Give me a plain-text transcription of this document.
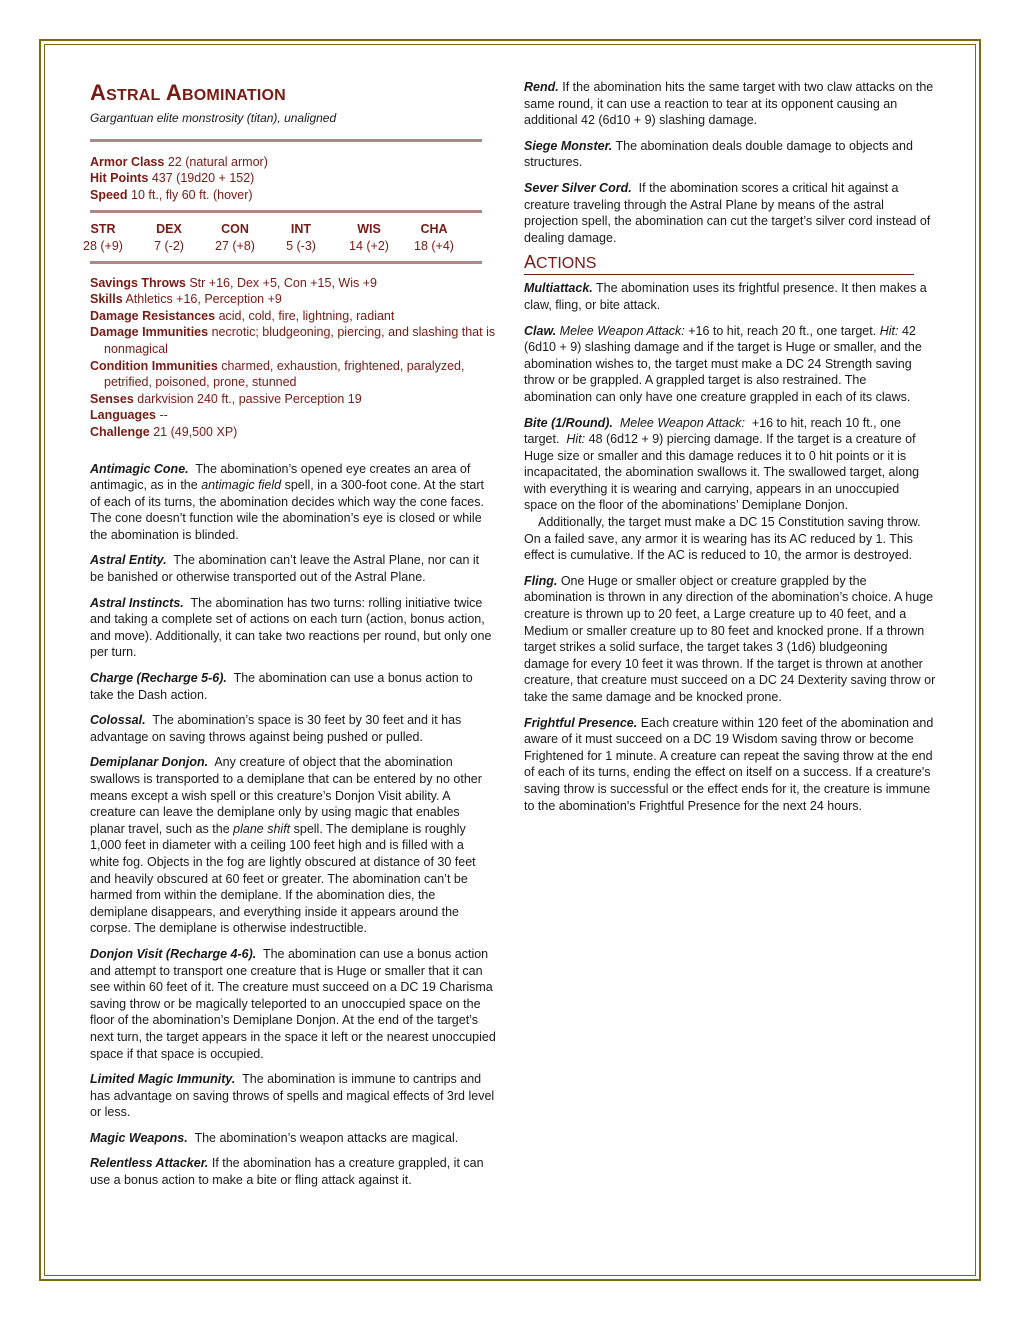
ASTRAL ABOMINATION
Gargantuan elite monstrosity (titan), unaligned
Armor Class 22 (natural armor)
Hit Points 437 (19d20 + 152)
Speed 10 ft., fly 60 ft. (hover)
STR	DEX	CON	INT	WIS	CHA
28 (+9)	7 (-2)	27 (+8)	5 (-3)	14 (+2)	18 (+4)
Savings Throws Str +16, Dex +5, Con +15, Wis +9
Skills Athletics +16, Perception +9
Damage Resistances acid, cold, fire, lightning, radiant
Damage Immunities necrotic; bludgeoning, piercing, and slashing that is nonmagical
Condition Immunities charmed, exhaustion, frightened, paralyzed, petrified, poisoned, prone, stunned
Senses darkvision 240 ft., passive Perception 19
Languages --
Challenge 21 (49,500 XP)

Antimagic Cone. The abomination’s opened eye creates an area of antimagic, as in the antimagic field spell, in a 300-foot cone. At the start of each of its turns, the abomination decides which way the cone faces. The cone doesn’t function wile the abomination’s eye is closed or while the abomination is blinded.

Astral Entity. The abomination can’t leave the Astral Plane, nor can it be banished or otherwise transported out of the Astral Plane.

Astral Instincts. The abomination has two turns: rolling initiative twice and taking a complete set of actions on each turn (action, bonus action, and move). Additionally, it can take two reactions per round, but only one per turn.

Charge (Recharge 5-6). The abomination can use a bonus action to take the Dash action.

Colossal. The abomination’s space is 30 feet by 30 feet and it has advantage on saving throws against being pushed or pulled.

Demiplanar Donjon. Any creature of object that the abomination swallows is transported to a demiplane that can be entered by no other means except a wish spell or this creature’s Donjon Visit ability. A creature can leave the demiplane only by using magic that enables planar travel, such as the plane shift spell. The demiplane is roughly 1,000 feet in diameter with a ceiling 100 feet high and is filled with a white fog. Objects in the fog are lightly obscured at distance of 30 feet and heavily obscured at 60 feet or greater. The abomination can’t be harmed from within the demiplane. If the abomination dies, the demiplane disappears, and everything inside it appears around the corpse. The demiplane is otherwise indestructible.

Donjon Visit (Recharge 4-6). The abomination can use a bonus action and attempt to transport one creature that is Huge or smaller that it can see within 60 feet of it. The creature must succeed on a DC 19 Charisma saving throw or be magically teleported to an unoccupied space on the floor of the abomination’s Demiplane Donjon. At the end of the target’s next turn, the target appears in the space it left or the nearest unoccupied space if that space is occupied.

Limited Magic Immunity. The abomination is immune to cantrips and has advantage on saving throws of spells and magical effects of 3rd level or less.

Magic Weapons. The abomination’s weapon attacks are magical.

Relentless Attacker. If the abomination has a creature grappled, it can use a bonus action to make a bite or fling attack against it.

Rend. If the abomination hits the same target with two claw attacks on the same round, it can use a reaction to tear at its opponent causing an additional 42 (6d10 + 9) slashing damage.

Siege Monster. The abomination deals double damage to objects and structures.

Sever Silver Cord. If the abomination scores a critical hit against a creature traveling through the Astral Plane by means of the astral projection spell, the abomination can cut the target’s silver cord instead of dealing damage.

ACTIONS

Multiattack. The abomination uses its frightful presence. It then makes a claw, fling, or bite attack.

Claw. Melee Weapon Attack: +16 to hit, reach 20 ft., one target. Hit: 42 (6d10 + 9) slashing damage and if the target is Huge or smaller, and the abomination wishes to, the target must make a DC 24 Strength saving throw or be grappled. A grappled target is also restrained. The abomination can only have one creature grappled in each of its claws.

Bite (1/Round). Melee Weapon Attack: +16 to hit, reach 10 ft., one target. Hit: 48 (6d12 + 9) piercing damage. If the target is a creature of Huge size or smaller and this damage reduces it to 0 hit points or it is incapacitated, the abomination swallows it. The swallowed target, along with everything it is wearing and carrying, appears in an unoccupied space on the floor of the abominations’ Demiplane Donjon.

Additionally, the target must make a DC 15 Constitution saving throw. On a failed save, any armor it is wearing has its AC reduced by 1. This effect is cumulative. If the AC is reduced to 10, the armor is destroyed.

Fling. One Huge or smaller object or creature grappled by the abomination is thrown in any direction of the abomination’s choice. A huge creature is thrown up to 20 feet, a Large creature up to 40 feet, and a Medium or smaller creature up to 80 feet and knocked prone. If a thrown target strikes a solid surface, the target takes 3 (1d6) bludgeoning damage for every 10 feet it was thrown. If the target is thrown at another creature, that creature must succeed on a DC 24 Dexterity saving throw or take the same damage and be knocked prone.

Frightful Presence. Each creature within 120 feet of the abomination and aware of it must succeed on a DC 19 Wisdom saving throw or become Frightened for 1 minute. A creature can repeat the saving throw at the end of each of its turns, ending the effect on itself on a success. If a creature's saving throw is successful or the effect ends for it, the creature is immune to the abomination's Frightful Presence for the next 24 hours.
